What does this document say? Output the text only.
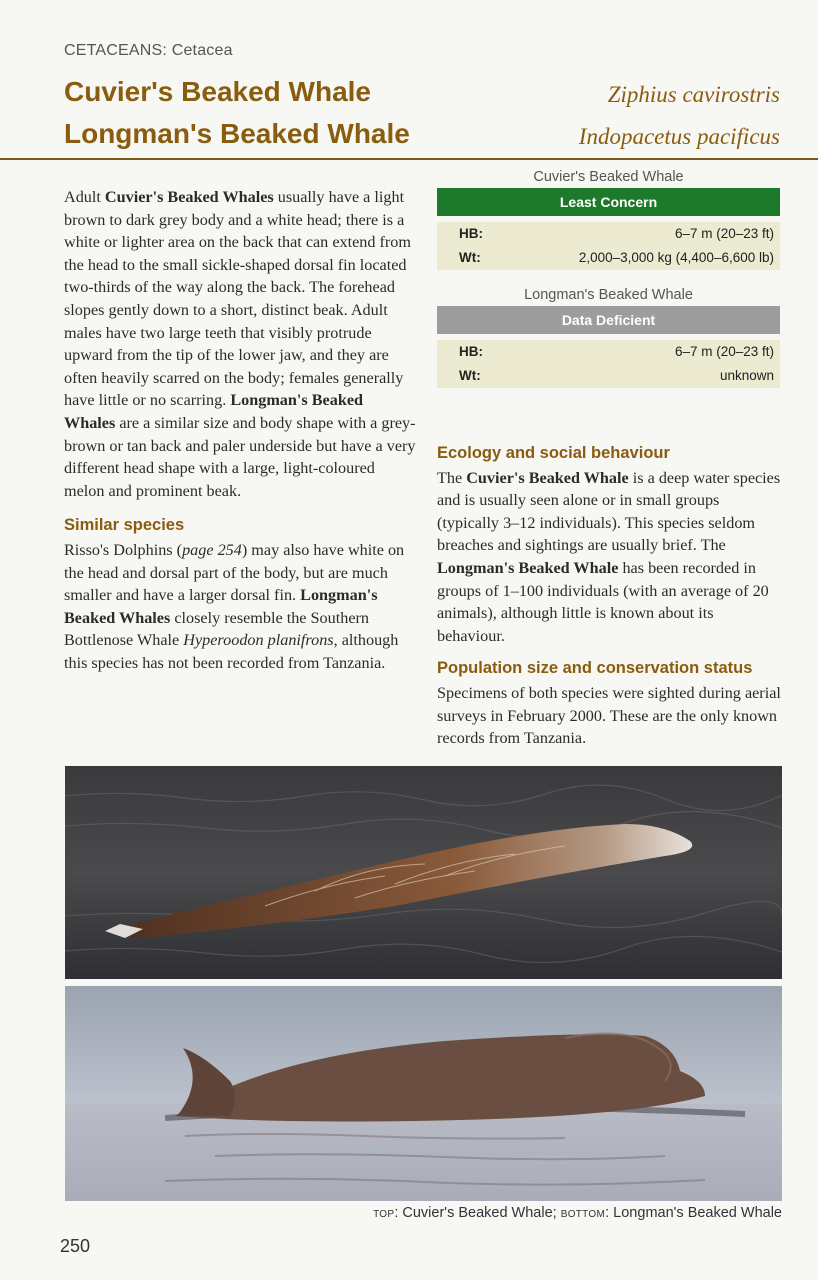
CETACEANS: Cetacea
Cuvier's Beaked Whale
Longman's Beaked Whale
Ziphius cavirostris
Indopacetus pacificus

Adult Cuvier's Beaked Whales usually have a light brown to dark grey body and a white head; there is a white or lighter area on the back that can extend from the head to the small sickle-shaped dorsal fin located two-thirds of the way along the back. The forehead slopes gently down to a short, distinct beak. Adult males have two large teeth that visibly protrude upward from the tip of the lower jaw, and they are often heavily scarred on the body; females generally have little or no scarring. Longman's Beaked Whales are a similar size and body shape with a grey-brown or tan back and paler underside but have a very different head shape with a large, light-coloured melon and prominent beak.

Similar species

Risso's Dolphins (page 254) may also have white on the head and dorsal part of the body, but are much smaller and have a larger dorsal fin. Longman's Beaked Whales closely resemble the Southern Bottlenose Whale Hyperoodon planifrons, although this species has not been recorded from Tanzania.

Cuvier's Beaked Whale
Least Concern
HB:	6–7 m (20–23 ft)
Wt:	2,000–3,000 kg (4,400–6,600 lb)
Longman's Beaked Whale
Data Deficient
HB:	6–7 m (20–23 ft)
Wt:	unknown
Ecology and social behaviour

The Cuvier's Beaked Whale is a deep water species and is usually seen alone or in small groups (typically 3–12 individuals). This species seldom breaches and sightings are usually brief. The Longman's Beaked Whale has been recorded in groups of 1–100 individuals (with an average of 20 animals), although little is known about its behaviour.

Population size and conservation status

Specimens of both species were sighted during aerial surveys in February 2000. These are the only known records from Tanzania.

TOP: Cuvier's Beaked Whale; BOTTOM: Longman's Beaked Whale
250
